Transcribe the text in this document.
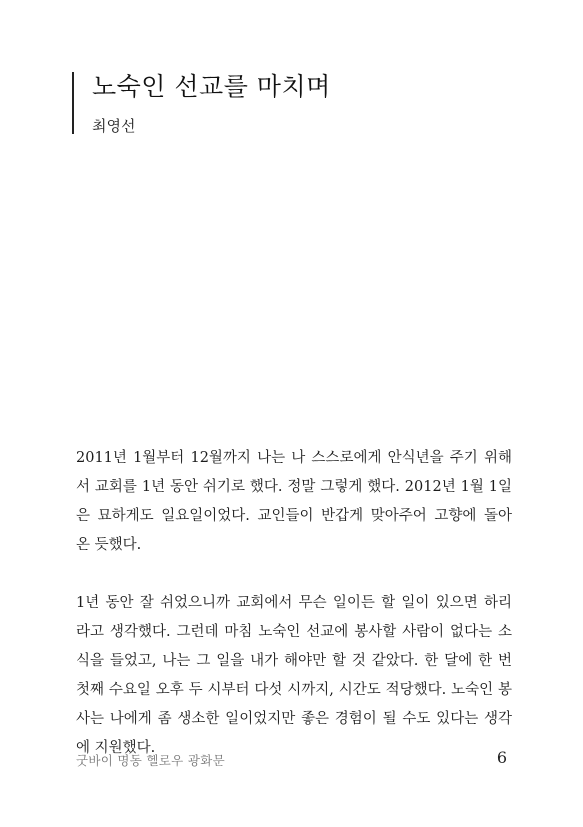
노숙인 선교를 마치며
최영선
2011년 1월부터 12월까지 나는 나 스스로에게 안식년을 주기 위해
서 교회를 1년 동안 쉬기로 했다. 정말 그렇게 했다. 2012년 1월 1일
은 묘하게도 일요일이었다. 교인들이 반갑게 맞아주어 고향에 돌아
온 듯했다.
1년 동안 잘 쉬었으니까 교회에서 무슨 일이든 할 일이 있으면 하리
라고 생각했다. 그런데 마침 노숙인 선교에 봉사할 사람이 없다는 소
식을 들었고, 나는 그 일을 내가 해야만 할 것 같았다. 한 달에 한 번
첫째 수요일 오후 두 시부터 다섯 시까지, 시간도 적당했다. 노숙인 봉
사는 나에게 좀 생소한 일이었지만 좋은 경험이 될 수도 있다는 생각
에 지원했다.
굿바이 명동 헬로우 광화문	6
